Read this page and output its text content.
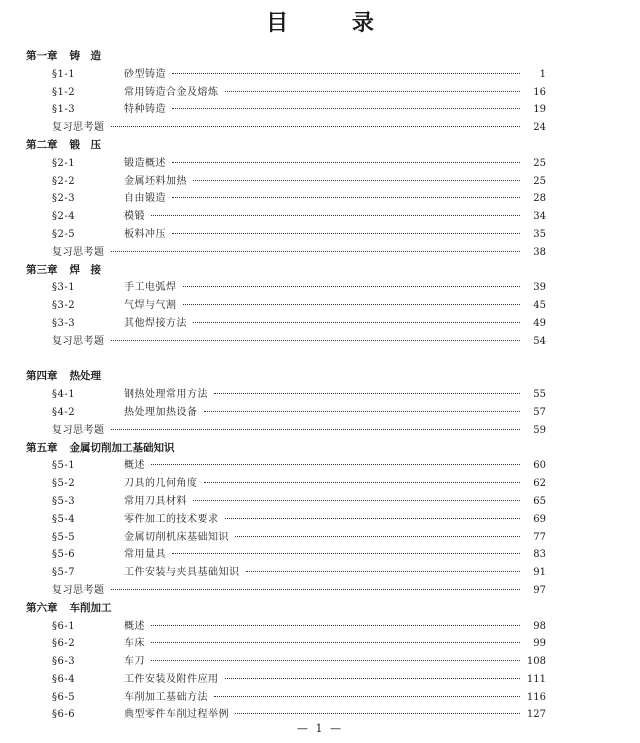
目 录
第一章 铸　造
§1-1	砂型铸造	1
§1-2	常用铸造合金及熔炼	16
§1-3	特种铸造	19
复习思考题	24
第二章 锻　压
§2-1	锻造概述	25
§2-2	金属坯料加热	25
§2-3	自由锻造	28
§2-4	模锻	34
§2-5	板料冲压	35
复习思考题	38
第三章 焊　接
§3-1	手工电弧焊	39
§3-2	气焊与气割	45
§3-3	其他焊接方法	49
复习思考题	54
第四章 热处理
§4-1	钢热处理常用方法	55
§4-2	热处理加热设备	57
复习思考题	59
第五章 金属切削加工基础知识
§5-1	概述	60
§5-2	刀具的几何角度	62
§5-3	常用刀具材料	65
§5-4	零件加工的技术要求	69
§5-5	金属切削机床基础知识	77
§5-6	常用量具	83
§5-7	工件安装与夹具基础知识	91
复习思考题	97
第六章 车削加工
§6-1	概述	98
§6-2	车床	99
§6-3	车刀	108
§6-4	工件安装及附件应用	111
§6-5	车削加工基础方法	116
§6-6	典型零件车削过程举例	127
— 1 —
